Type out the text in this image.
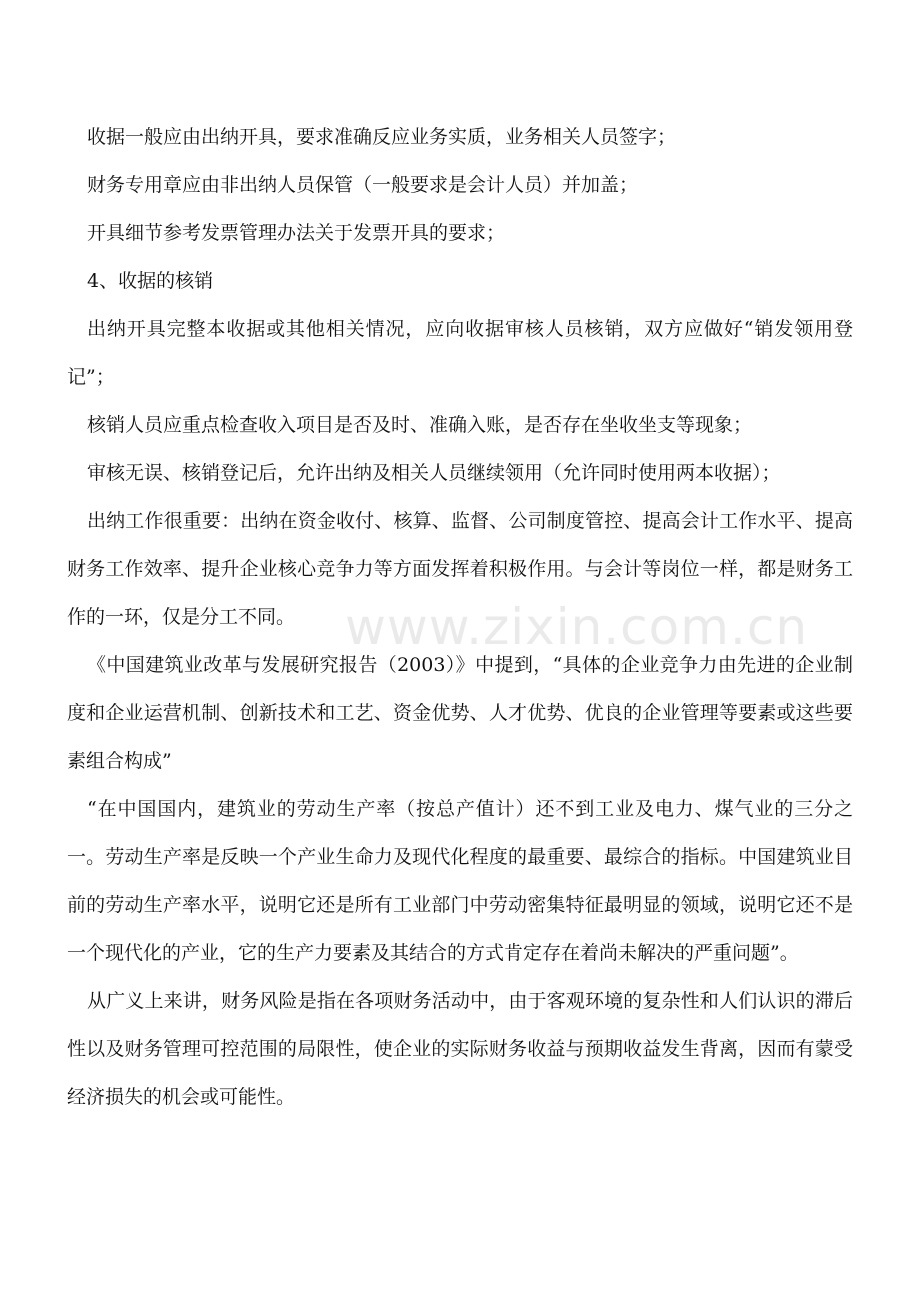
收据一般应由出纳开具，要求准确反应业务实质，业务相关人员签字；

财务专用章应由非出纳人员保管（一般要求是会计人员）并加盖；

开具细节参考发票管理办法关于发票开具的要求；

4、收据的核销

出纳开具完整本收据或其他相关情况，应向收据审核人员核销，双方应做好“销发领用登记”；

核销人员应重点检查收入项目是否及时、准确入账，是否存在坐收坐支等现象；

审核无误、核销登记后，允许出纳及相关人员继续领用（允许同时使用两本收据）；

出纳工作很重要：出纳在资金收付、核算、监督、公司制度管控、提高会计工作水平、提高财务工作效率、提升企业核心竞争力等方面发挥着积极作用。与会计等岗位一样，都是财务工作的一环，仅是分工不同。

《中国建筑业改革与发展研究报告（2003）》中提到，“具体的企业竞争力由先进的企业制度和企业运营机制、创新技术和工艺、资金优势、人才优势、优良的企业管理等要素或这些要素组合构成”

“在中国国内，建筑业的劳动生产率（按总产值计）还不到工业及电力、煤气业的三分之一。劳动生产率是反映一个产业生命力及现代化程度的最重要、最综合的指标。中国建筑业目前的劳动生产率水平，说明它还是所有工业部门中劳动密集特征最明显的领域，说明它还不是一个现代化的产业，它的生产力要素及其结合的方式肯定存在着尚未解决的严重问题”。

从广义上来讲，财务风险是指在各项财务活动中，由于客观环境的复杂性和人们认识的滞后性以及财务管理可控范围的局限性，使企业的实际财务收益与预期收益发生背离，因而有蒙受经济损失的机会或可能性。

www.zixin.com.cn
